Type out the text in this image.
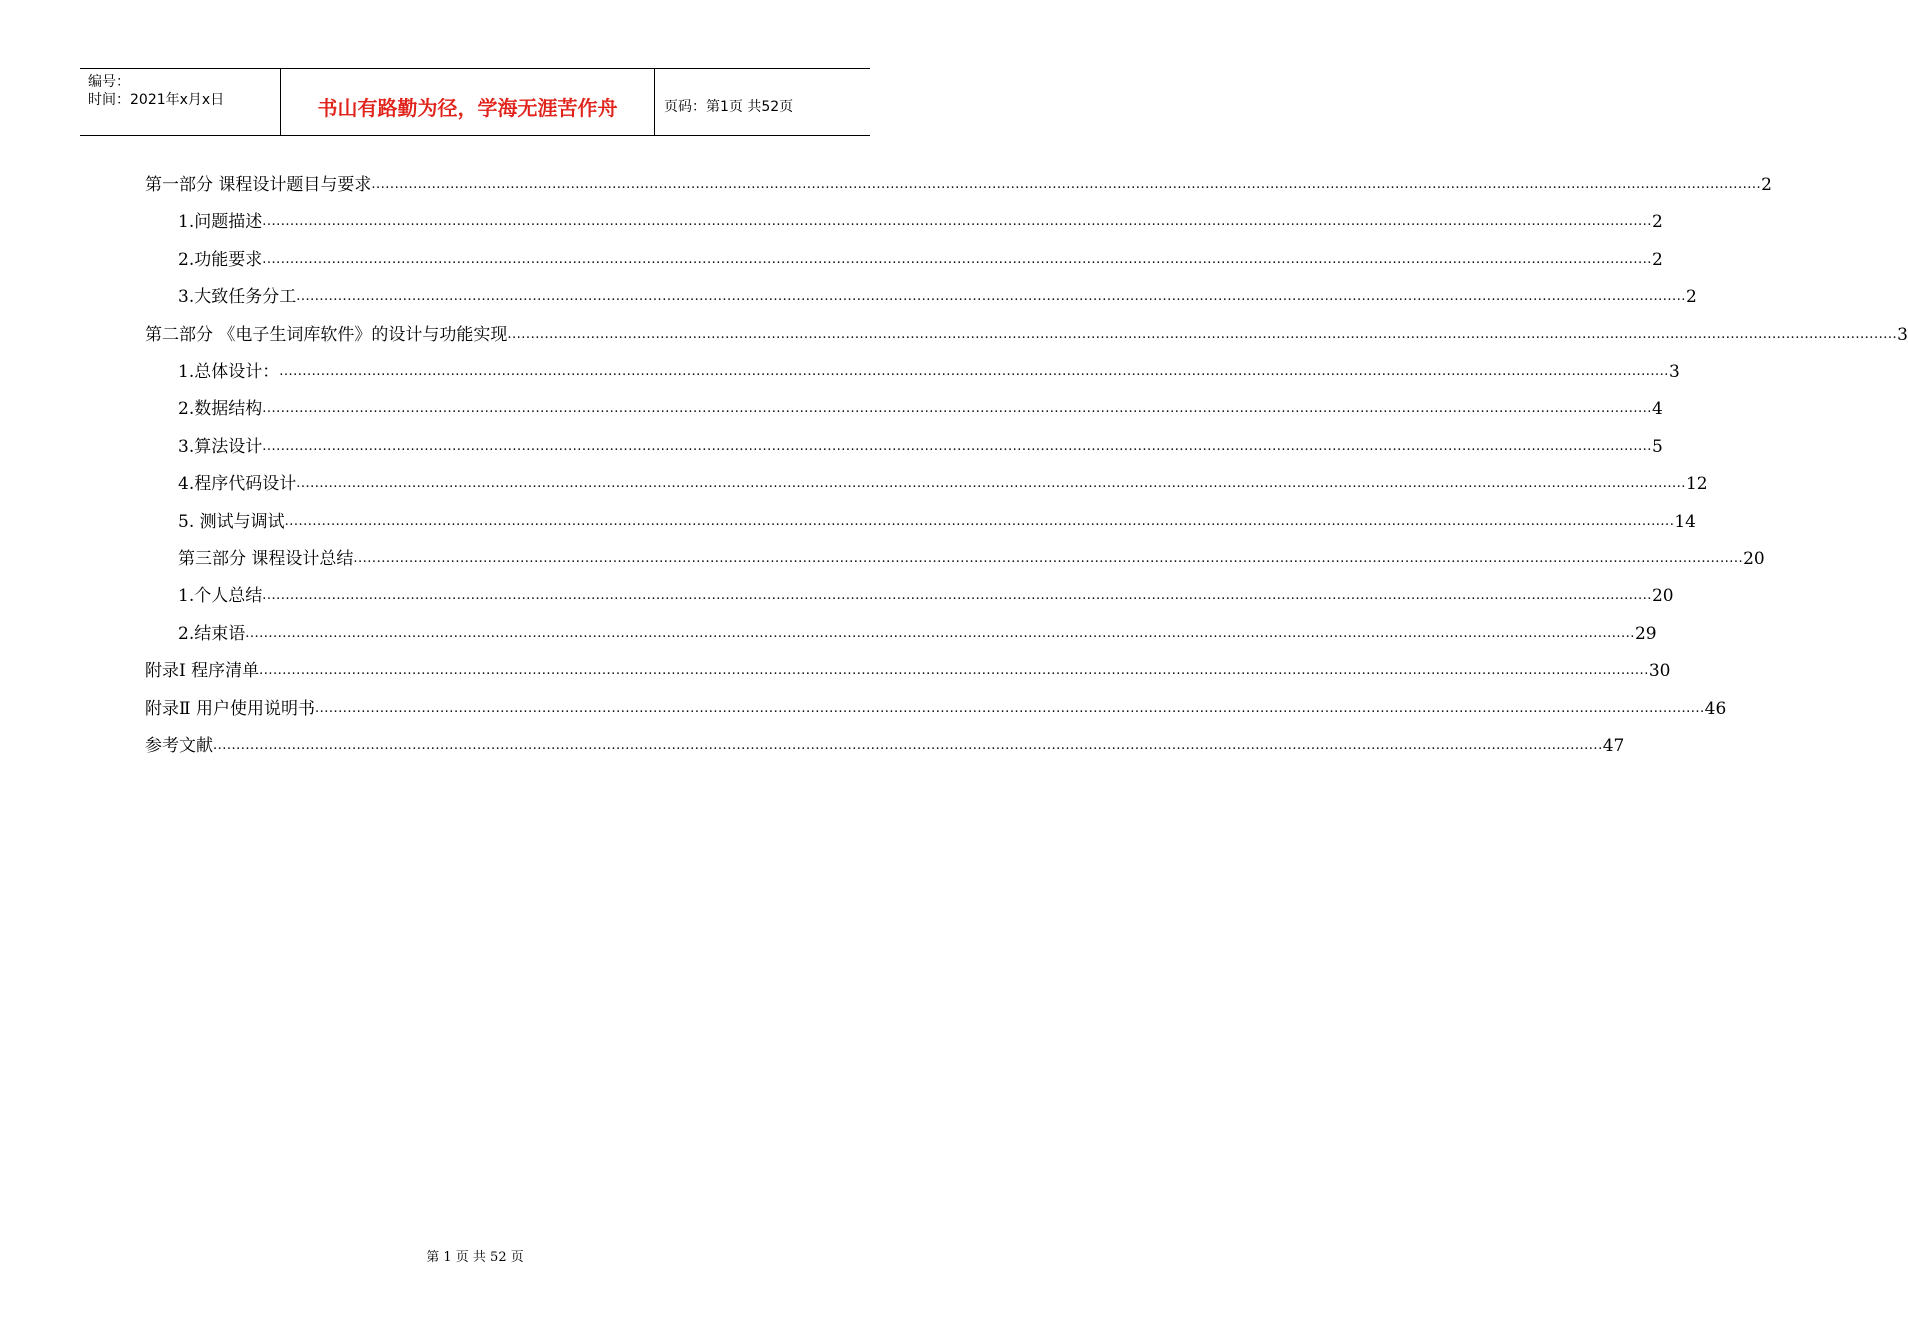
编号：
时间：2021年x月x日	书山有路勤为径，学海无涯苦作舟	页码：第1页 共52页
第一部分 课程设计题目与要求 ............................................................................................................................................................................................................................................................................................................ 2
1.问题描述 ............................................................................................................................................................................................................................................................................................................ 2
2.功能要求 ............................................................................................................................................................................................................................................................................................................ 2
3.大致任务分工 ............................................................................................................................................................................................................................................................................................................ 2
第二部分 《电子生词库软件》的设计与功能实现 ............................................................................................................................................................................................................................................................................................................ 3
1.总体设计： ............................................................................................................................................................................................................................................................................................................ 3
2.数据结构 ............................................................................................................................................................................................................................................................................................................ 4
3.算法设计 ............................................................................................................................................................................................................................................................................................................ 5
4.程序代码设计 ............................................................................................................................................................................................................................................................................................................ 12
5. 测试与调试 ............................................................................................................................................................................................................................................................................................................ 14
第三部分 课程设计总结 ............................................................................................................................................................................................................................................................................................................ 20
1.个人总结 ............................................................................................................................................................................................................................................................................................................ 20
2.结束语 ............................................................................................................................................................................................................................................................................................................ 29
附录Ⅰ 程序清单 ............................................................................................................................................................................................................................................................................................................ 30
附录Ⅱ 用户使用说明书 ............................................................................................................................................................................................................................................................................................................ 46
参考文献 ............................................................................................................................................................................................................................................................................................................ 47
第 1 页 共 52 页
